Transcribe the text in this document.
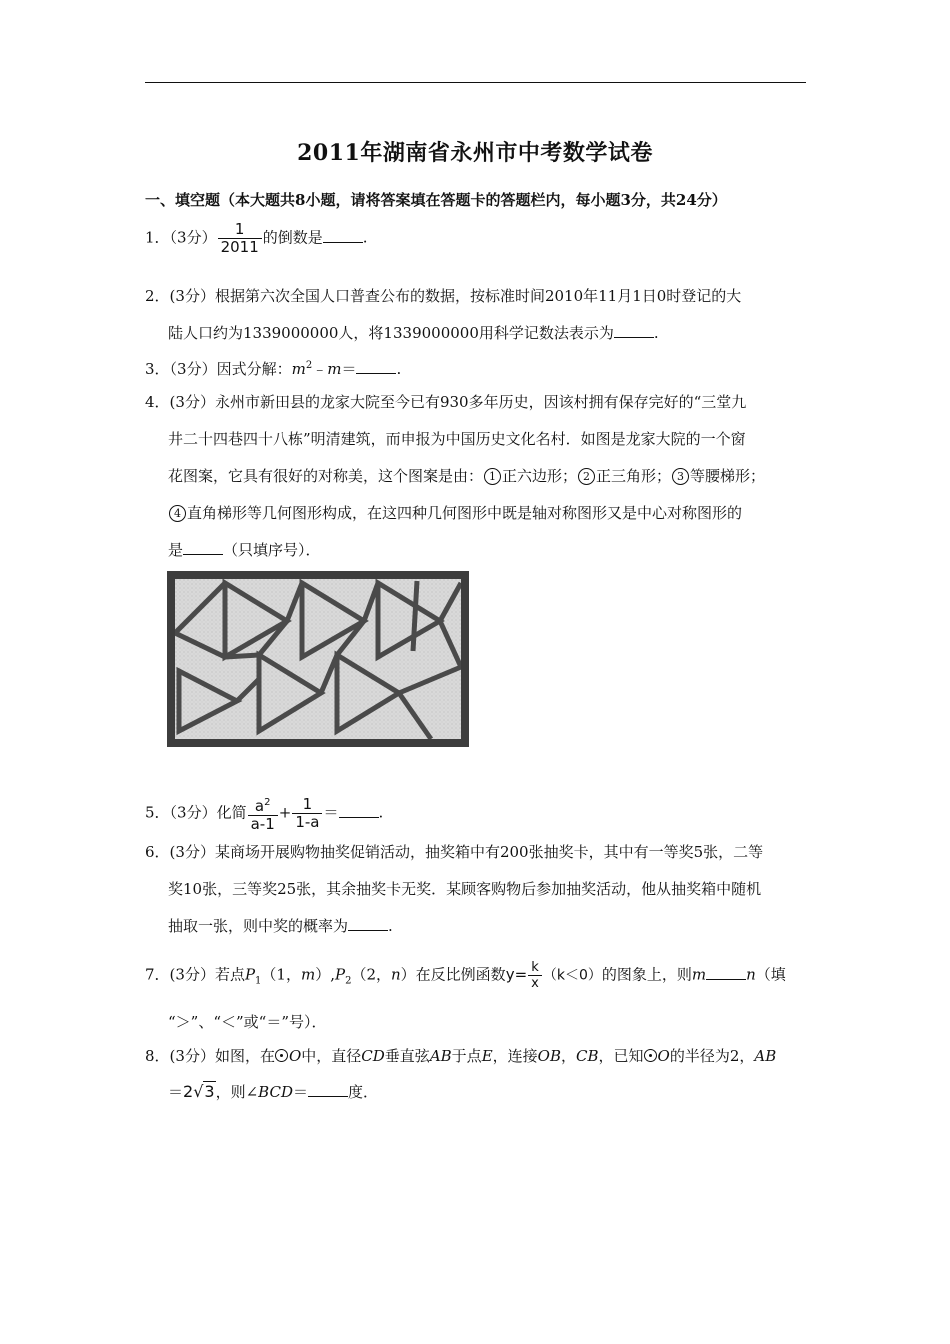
2011年湖南省永州市中考数学试卷
一、填空题（本大题共8小题，请将答案填在答题卡的答题栏内，每小题3分，共24分）
1．（3分） $\frac{1}{2011}$ 的倒数是	.
2．(3分）根据第六次全国人口普查公布的数据，按标准时间2010年11月1日0时登记的大
陆人口约为1339000000人，将1339000000用科学记数法表示为	.
3．（3分）因式分解：$m^2﹣m=$	.
4．(3分）永州市新田县的龙家大院至今已有930多年历史，因该村拥有保存完好的“三堂九
井二十四巷四十八栋”明清建筑，而申报为中国历史文化名村．如图是龙家大院的一个窗
花图案，它具有很好的对称美，这个图案是由： 1 正六边形； 2 正三角形； 3 等腰梯形；
4 直角梯形等几何图形构成，在这四种几何图形中既是轴对称图形又是中心对称图形的
是	（只填序号）．
5．（3分）化简 $\frac{a^2}{a-1} + \frac{1}{1-a}$ ＝	.
6．(3分）某商场开展购物抽奖促销活动，抽奖箱中有200张抽奖卡，其中有一等奖5张，二等
奖10张，三等奖25张，其余抽奖卡无奖．某顾客购物后参加抽奖活动，他从抽奖箱中随机
抽取一张，则中奖的概率为	.
7．(3分）若点$P_1(1$，$m),P_2(2$，n）在反比例函数$y= \frac{k}{x} (k<0)$的图象上，则m	n（填
“＞”、“＜”或“＝”号）．
8．(3分）如图，在 O中，直径CD垂直弦AB于点E，连接OB，CB，已知 O的半径为2，AB
＝2√3，则∠BCD＝	度．
